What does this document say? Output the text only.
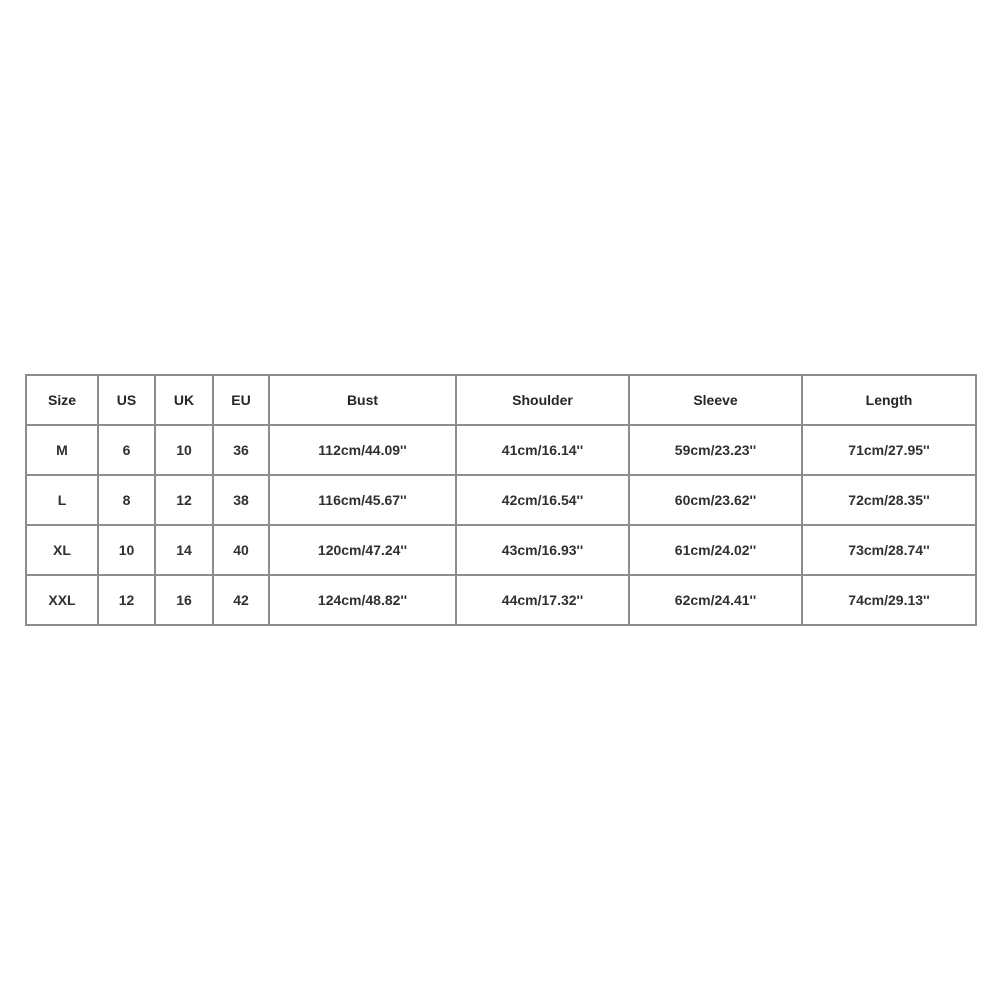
Size	US	UK	EU	Bust	Shoulder	Sleeve	Length
M	6	10	36	112cm/44.09''	41cm/16.14''	59cm/23.23''	71cm/27.95''
L	8	12	38	116cm/45.67''	42cm/16.54''	60cm/23.62''	72cm/28.35''
XL	10	14	40	120cm/47.24''	43cm/16.93''	61cm/24.02''	73cm/28.74''
XXL	12	16	42	124cm/48.82''	44cm/17.32''	62cm/24.41''	74cm/29.13''
